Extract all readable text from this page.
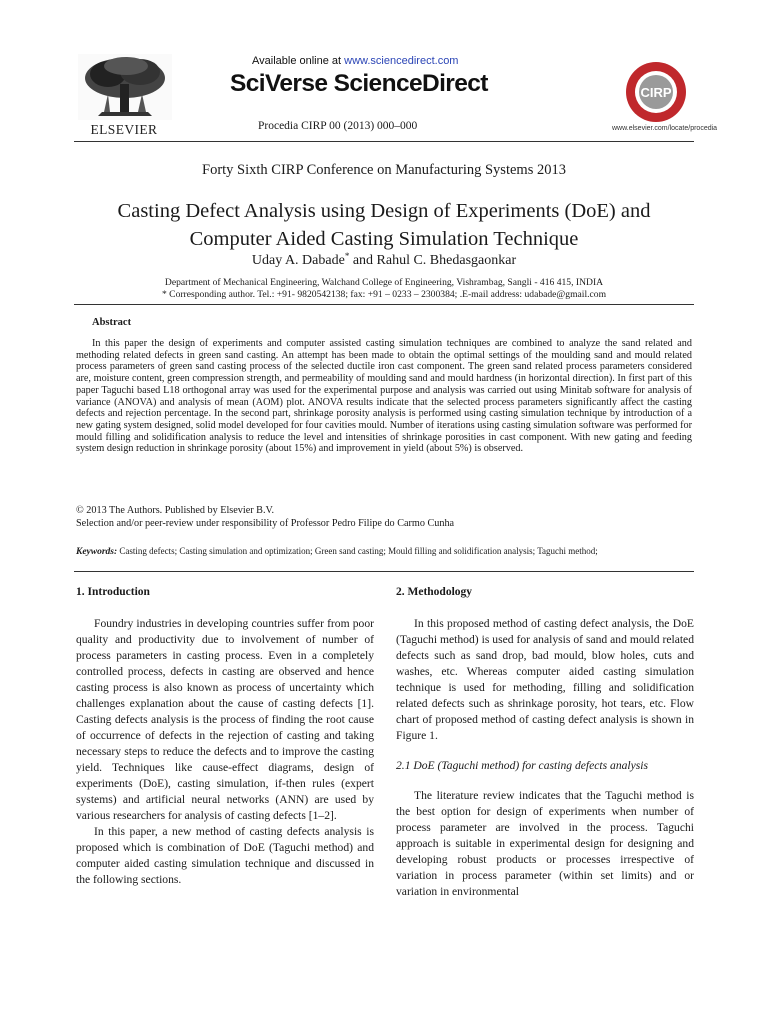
ELSEVIER
Available online at www.sciencedirect.com
SciVerse ScienceDirect
Procedia CIRP 00 (2013) 000–000
CIRP
www.elsevier.com/locate/procedia
Forty Sixth CIRP Conference on Manufacturing Systems 2013
Casting Defect Analysis using Design of Experiments (DoE) and
Computer Aided Casting Simulation Technique
Uday A. Dabade* and Rahul C. Bhedasgaonkar
Department of Mechanical Engineering, Walchand College of Engineering, Vishrambag, Sangli - 416 415, INDIA
* Corresponding author. Tel.: +91- 9820542138; fax: +91 – 0233 – 2300384; .E-mail address: udabade@gmail.com
Abstract

In this paper the design of experiments and computer assisted casting simulation techniques are combined to analyze the sand related and methoding related defects in green sand casting. An attempt has been made to obtain the optimal settings of the moulding sand and mould related process parameters of green sand casting process of the selected ductile iron cast component. The green sand related process parameters considered are, moisture content, green compression strength, and permeability of moulding sand and mould hardness (in horizontal direction). In first part of this paper Taguchi based L18 orthogonal array was used for the experimental purpose and analysis was carried out using Minitab software for analysis of variance (ANOVA) and analysis of mean (AOM) plot. ANOVA results indicate that the selected process parameters significantly affect the casting defects and rejection percentage. In the second part, shrinkage porosity analysis is performed using casting simulation technique by introduction of a new gating system designed, solid model developed for four cavities mould. Number of iterations using casting simulation software was performed for mould filling and solidification analysis to reduce the level and intensities of shrinkage porosities in cast component. With new gating and feeding system design reduction in shrinkage porosity (about 15%) and improvement in yield (about 5%) is observed.

© 2013 The Authors. Published by Elsevier B.V.
Selection and/or peer-review under responsibility of Professor Pedro Filipe do Carmo Cunha
Keywords: Casting defects; Casting simulation and optimization; Green sand casting; Mould filling and solidification analysis; Taguchi method;
1. Introduction

Foundry industries in developing countries suffer from poor quality and productivity due to involvement of number of process parameters in casting process. Even in a completely controlled process, defects in casting are observed and hence casting process is also known as process of uncertainty which challenges explanation about the cause of casting defects [1]. Casting defects analysis is the process of finding the root cause of occurrence of defects in the rejection of casting and taking necessary steps to reduce the defects and to improve the casting yield. Techniques like cause-effect diagrams, design of experiments (DoE), casting simulation, if-then rules (expert systems) and artificial neural networks (ANN) are used by various researchers for analysis of casting defects [1–2].

In this paper, a new method of casting defects analysis is proposed which is combination of DoE (Taguchi method) and computer aided casting simulation technique and discussed in the following sections.

2. Methodology

In this proposed method of casting defect analysis, the DoE (Taguchi method) is used for analysis of sand and mould related defects such as sand drop, bad mould, blow holes, cuts and washes, etc. Whereas computer aided casting simulation technique is used for methoding, filling and solidification related defects such as shrinkage porosity, hot tears, etc. Flow chart of proposed method of casting defect analysis is shown in Figure 1.

2.1 DoE (Taguchi method) for casting defects analysis

The literature review indicates that the Taguchi method is the best option for design of experiments when number of process parameter are involved in the process. Taguchi approach is suitable in experimental design for designing and developing robust products or processes irrespective of variation in process parameter (within set limits) and or variation in environmental
